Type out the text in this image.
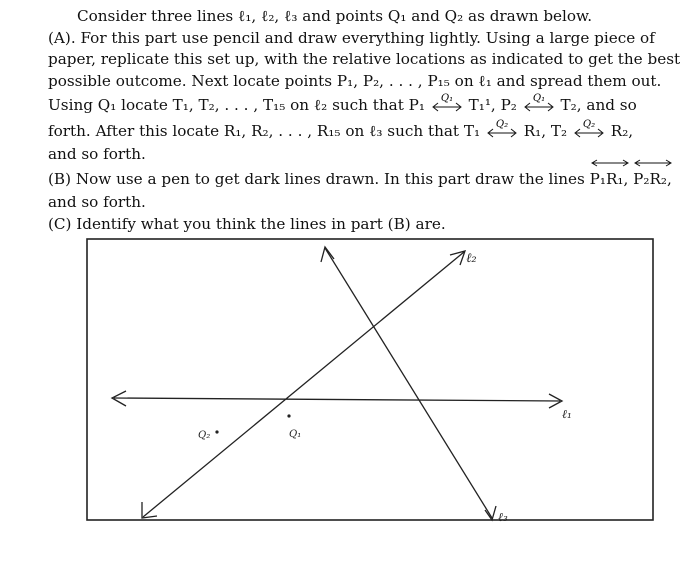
Consider three lines ℓ₁, ℓ₂, ℓ₃ and points Q₁ and Q₂ as drawn below.
(A). For this part use pencil and draw everything lightly. Using a large piece of
paper, replicate this set up, with the relative locations as indicated to get the best
possible outcome. Next locate points P₁, P₂, . . . , P₁₅ on ℓ₁ and spread them out.
Using Q₁ locate T₁, T₂, . . . , T₁₅ on ℓ₂ such that P₁ Q₁ T₁¹, P₂ Q₁ T₂, and so
forth. After this locate R₁, R₂, . . . , R₁₅ on ℓ₃ such that T₁ Q₂ R₁, T₂ Q₂ R₂,
and so forth.
(B) Now use a pen to get dark lines drawn. In this part draw the lines P₁R₁,
P₂R₂,
and so forth.
(C) Identify what you think the lines in part (B) are.
ℓ₂
ℓ₁
ℓ₃
Q₁
Q₂
